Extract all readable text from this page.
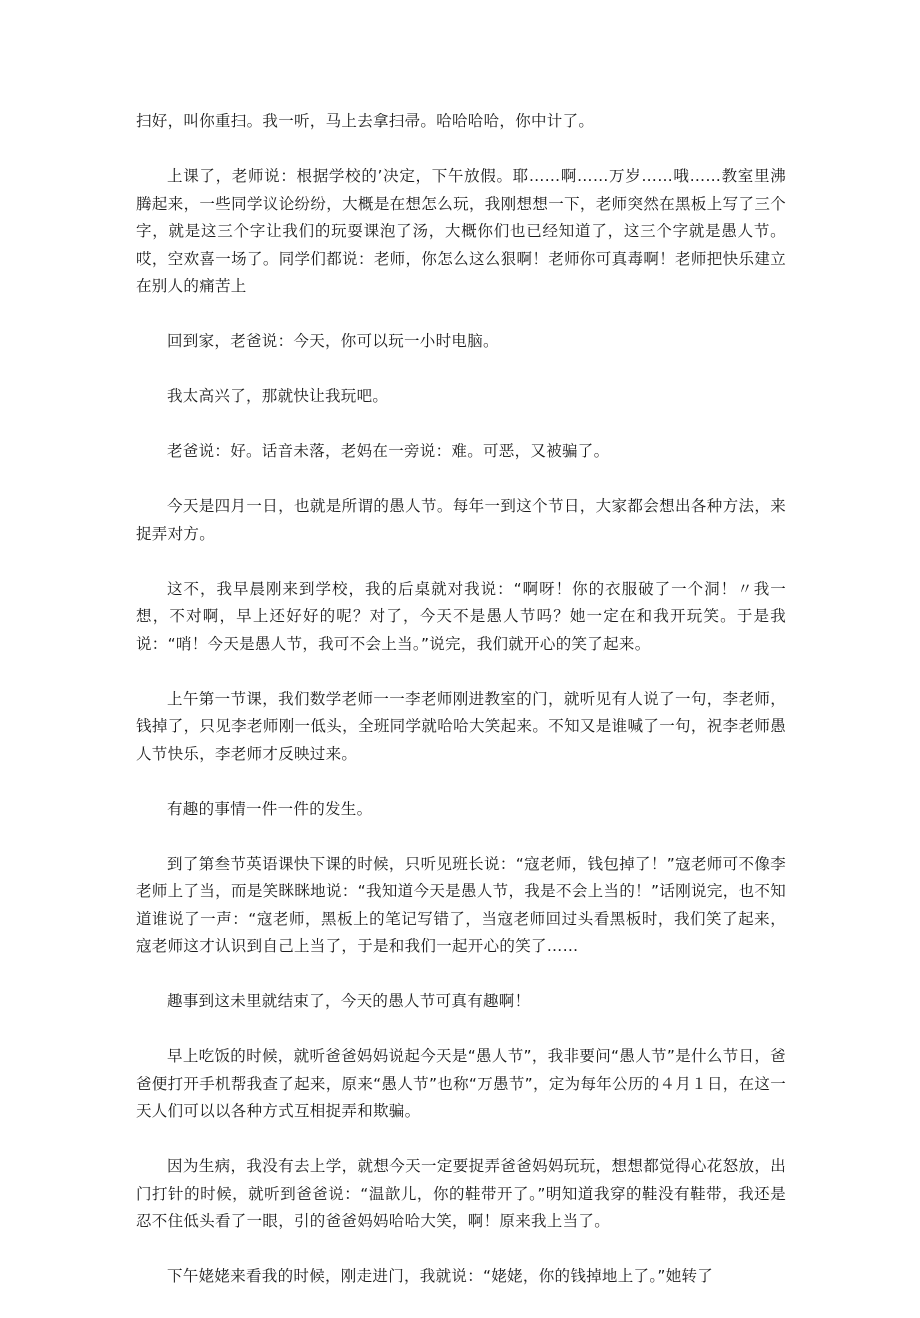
扫好，叫你重扫。我一听，马上去拿扫帚。哈哈哈哈，你中计了。

上课了，老师说：根据学校的’决定，下午放假。耶……啊……万岁……哦……教室里沸腾起来，一些同学议论纷纷，大概是在想怎么玩，我刚想想一下，老师突然在黑板上写了三个字，就是这三个字让我们的玩耍课泡了汤，大概你们也已经知道了，这三个字就是愚人节。哎，空欢喜一场了。同学们都说：老师，你怎么这么狠啊！老师你可真毒啊！老师把快乐建立在别人的痛苦上

回到家，老爸说：今天，你可以玩一小时电脑。

我太高兴了，那就快让我玩吧。

老爸说：好。话音未落，老妈在一旁说：难。可恶，又被骗了。

今天是四月一日，也就是所谓的愚人节。每年一到这个节日，大家都会想出各种方法，来捉弄对方。

这不，我早晨刚来到学校，我的后桌就对我说：“啊呀！你的衣服破了一个洞！〃我一想，不对啊，早上还好好的呢？对了，今天不是愚人节吗？她一定在和我开玩笑。于是我说：“哨！今天是愚人节，我可不会上当。”说完，我们就开心的笑了起来。

上午第一节课，我们数学老师一一李老师刚进教室的门，就听见有人说了一句，李老师，钱掉了，只见李老师刚一低头，全班同学就哈哈大笑起来。不知又是谁喊了一句，祝李老师愚人节快乐，李老师才反映过来。

有趣的事情一件一件的发生。

到了第叁节英语课快下课的时候，只听见班长说：“寇老师，钱包掉了！”寇老师可不像李老师上了当，而是笑眯眯地说：“我知道今天是愚人节，我是不会上当的！”话刚说完，也不知道谁说了一声：“寇老师，黑板上的笔记写错了，当寇老师回过头看黑板时，我们笑了起来，寇老师这才认识到自己上当了，于是和我们一起开心的笑了……

趣事到这未里就结束了，今天的愚人节可真有趣啊！

早上吃饭的时候，就听爸爸妈妈说起今天是“愚人节”，我非要问“愚人节”是什么节日，爸爸便打开手机帮我查了起来，原来“愚人节”也称“万愚节”，定为每年公历的４月１日，在这一天人们可以以各种方式互相捉弄和欺骗。

因为生病，我没有去上学，就想今天一定要捉弄爸爸妈妈玩玩，想想都觉得心花怒放，出门打针的时候，就听到爸爸说：“温歆儿，你的鞋带开了。”明知道我穿的鞋没有鞋带，我还是忍不住低头看了一眼，引的爸爸妈妈哈哈大笑，啊！原来我上当了。

下午姥姥来看我的时候，刚走进门，我就说：“姥姥，你的钱掉地上了。”她转了
